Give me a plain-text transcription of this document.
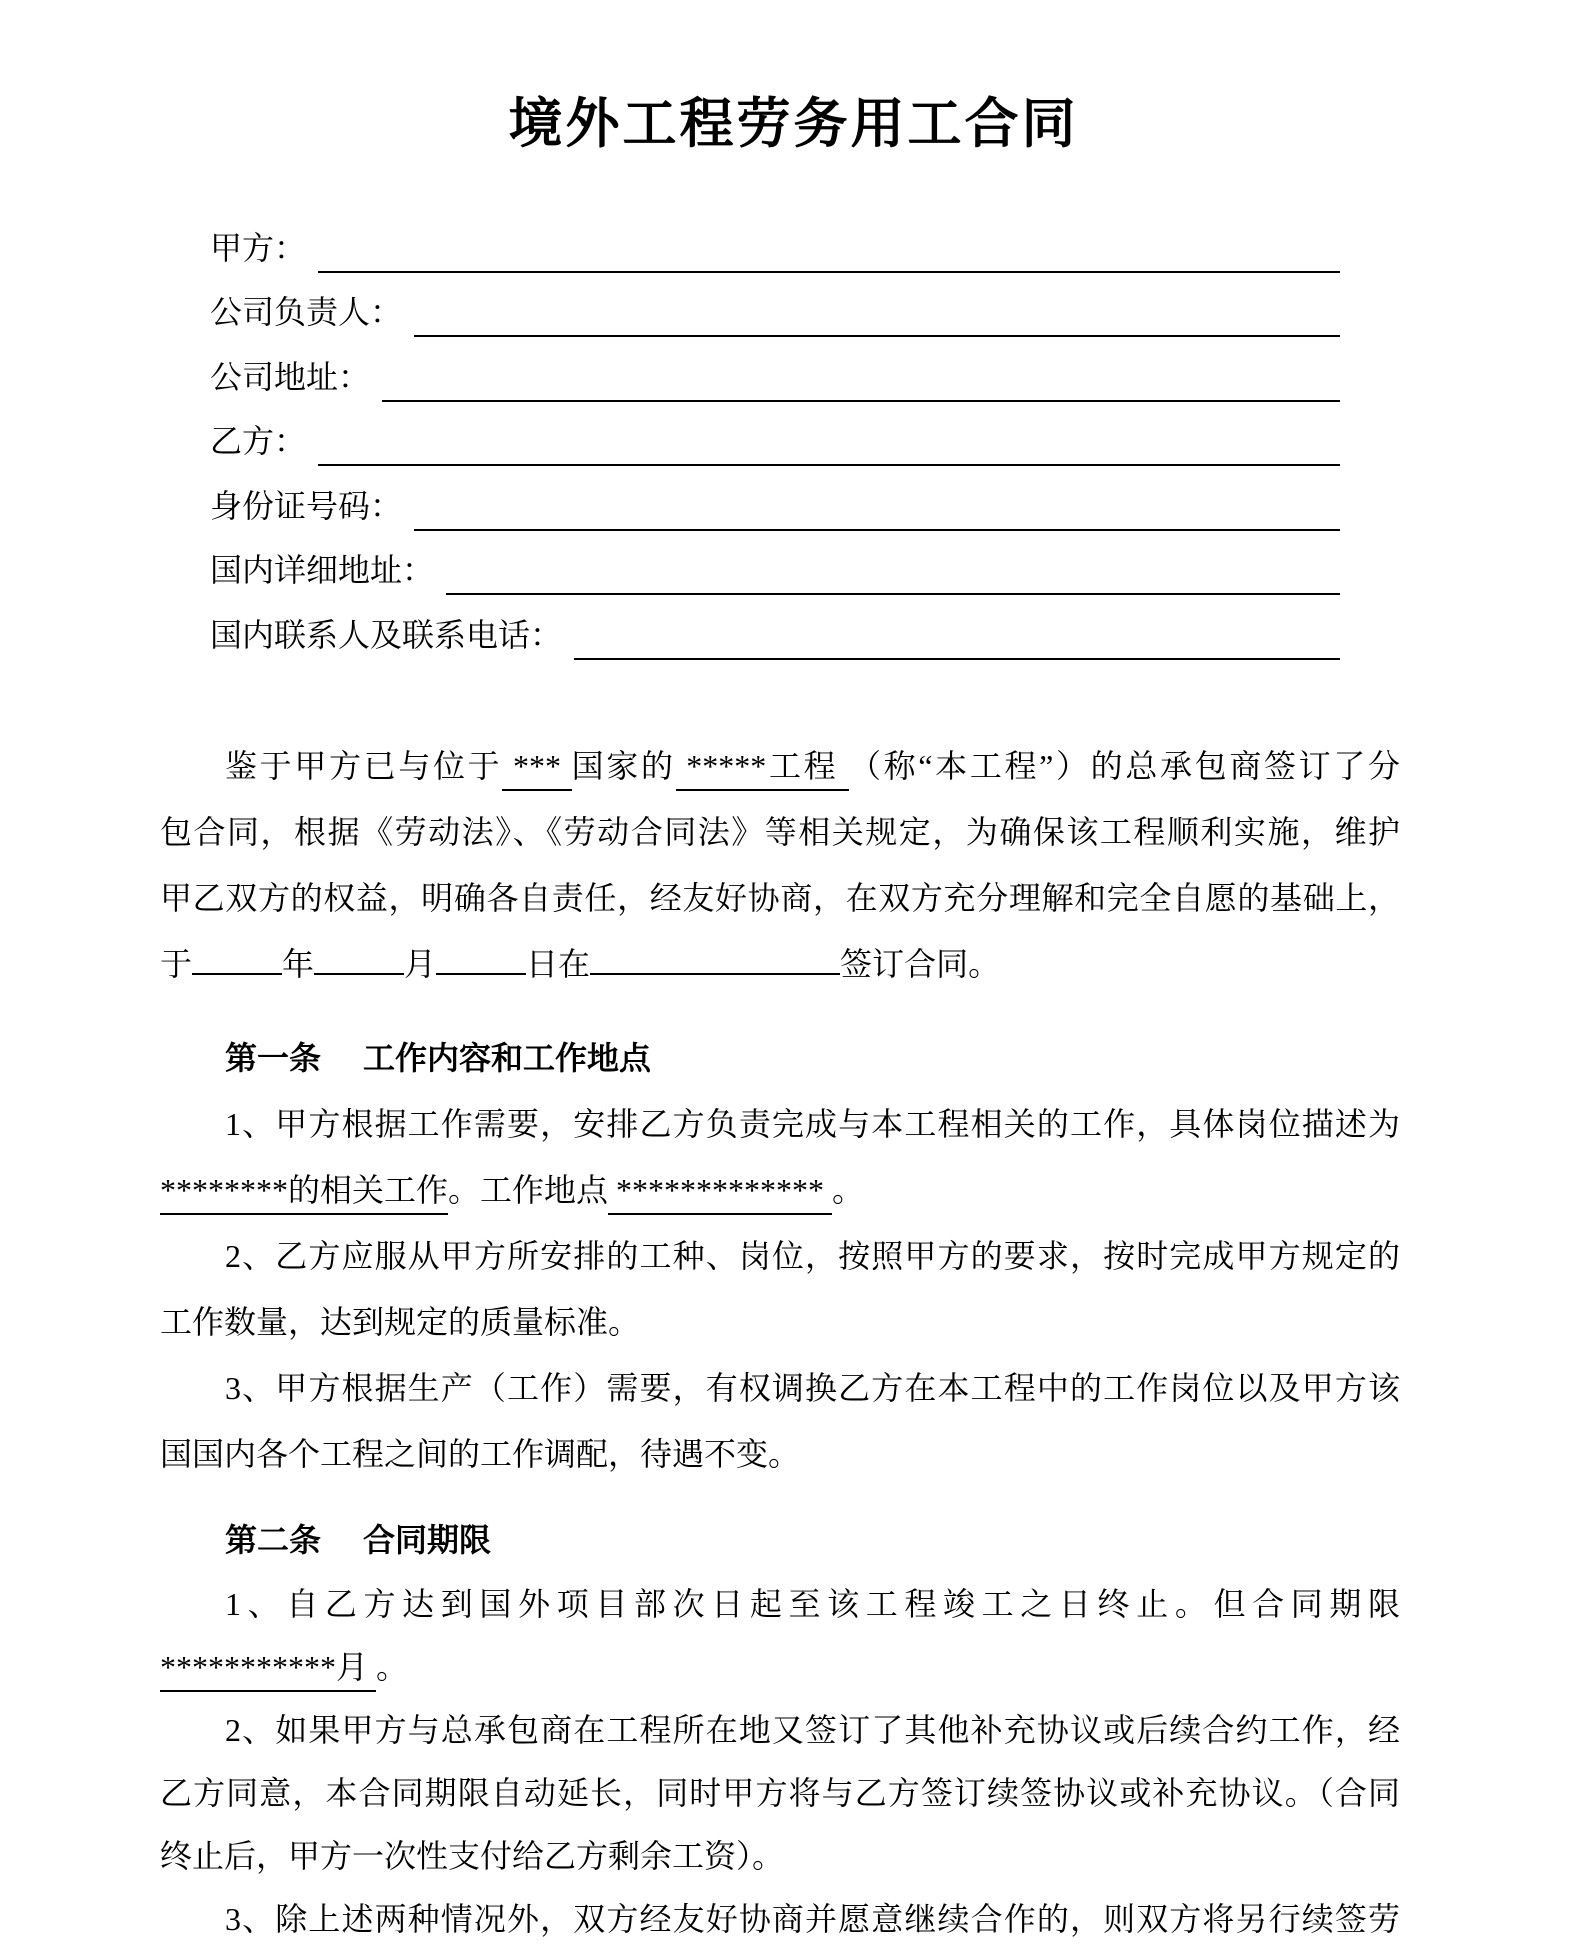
境外工程劳务用工合同
甲方：
公司负责人：
公司地址：
乙方：
身份证号码：
国内详细地址：
国内联系人及联系电话：
鉴于甲方已与位于 *** 国家的 *****工程 （称“本工程”）的总承包商签订了分
包合同，根据《劳动法》、《劳动合同法》等相关规定，为确保该工程顺利实施，维护
甲乙双方的权益，明确各自责任，经友好协商，在双方充分理解和完全自愿的基础上，
于	年	月	日在	签订合同。
第一条 工作内容和工作地点
1、甲方根据工作需要，安排乙方负责完成与本工程相关的工作，具体岗位描述为
********的相关工作。工作地点 ************* 。
2、乙方应服从甲方所安排的工种、岗位，按照甲方的要求，按时完成甲方规定的
工作数量，达到规定的质量标准。
3、甲方根据生产（工作）需要，有权调换乙方在本工程中的工作岗位以及甲方该
国国内各个工程之间的工作调配，待遇不变。
第二条 合同期限
1、自乙方达到国外项目部次日起至该工程竣工之日终止。但合同期限
***********月 。
2、如果甲方与总承包商在工程所在地又签订了其他补充协议或后续合约工作，经
乙方同意，本合同期限自动延长，同时甲方将与乙方签订续签协议或补充协议。（合同
终止后，甲方一次性支付给乙方剩余工资）。
3、除上述两种情况外，双方经友好协商并愿意继续合作的，则双方将另行续签劳
